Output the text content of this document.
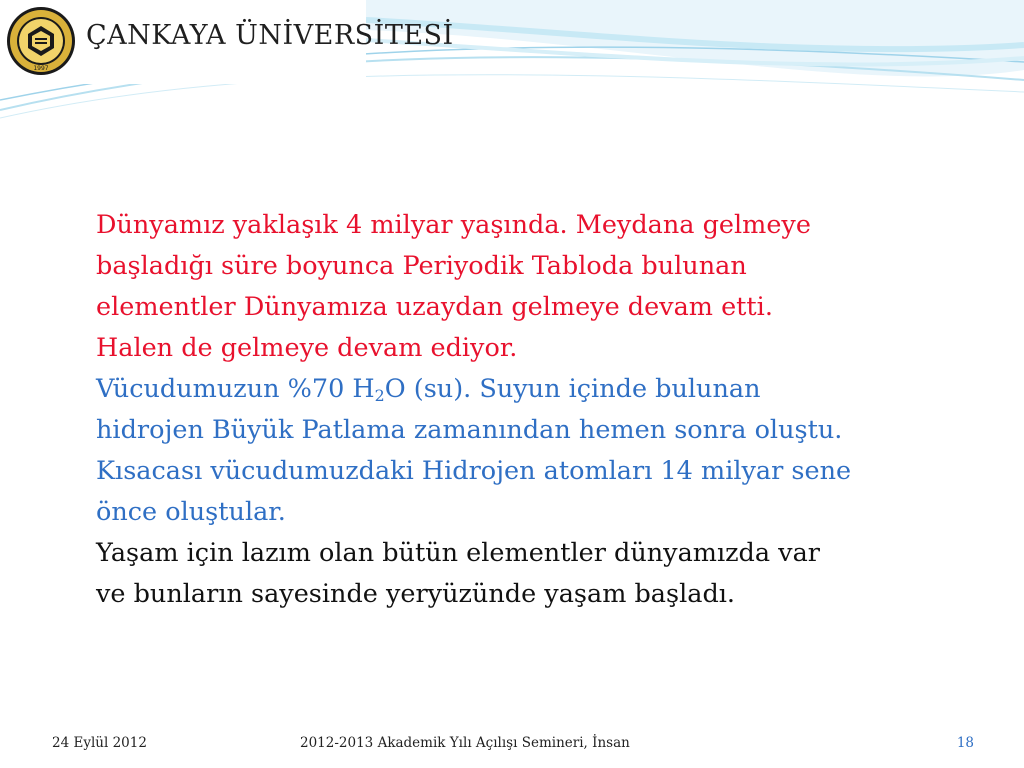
1997
ÇANKAYA ÜNİVERSİTESİ
Dünyamız yaklaşık 4 milyar yaşında. Meydana gelmeye
başladığı süre boyunca Periyodik Tabloda bulunan
elementler Dünyamıza uzaydan gelmeye devam etti.
Halen de gelmeye devam ediyor.
Vücudumuzun %70 $H_2O$ (su). Suyun içinde bulunan
hidrojen Büyük Patlama zamanından hemen sonra oluştu.
Kısacası vücudumuzdaki Hidrojen atomları 14 milyar sene
önce oluştular.
Yaşam için lazım olan bütün elementler dünyamızda var
ve bunların sayesinde yeryüzünde yaşam başladı.
24 Eylül 2012	2012-2013 Akademik Yılı Açılışı Semineri, İnsan	18
